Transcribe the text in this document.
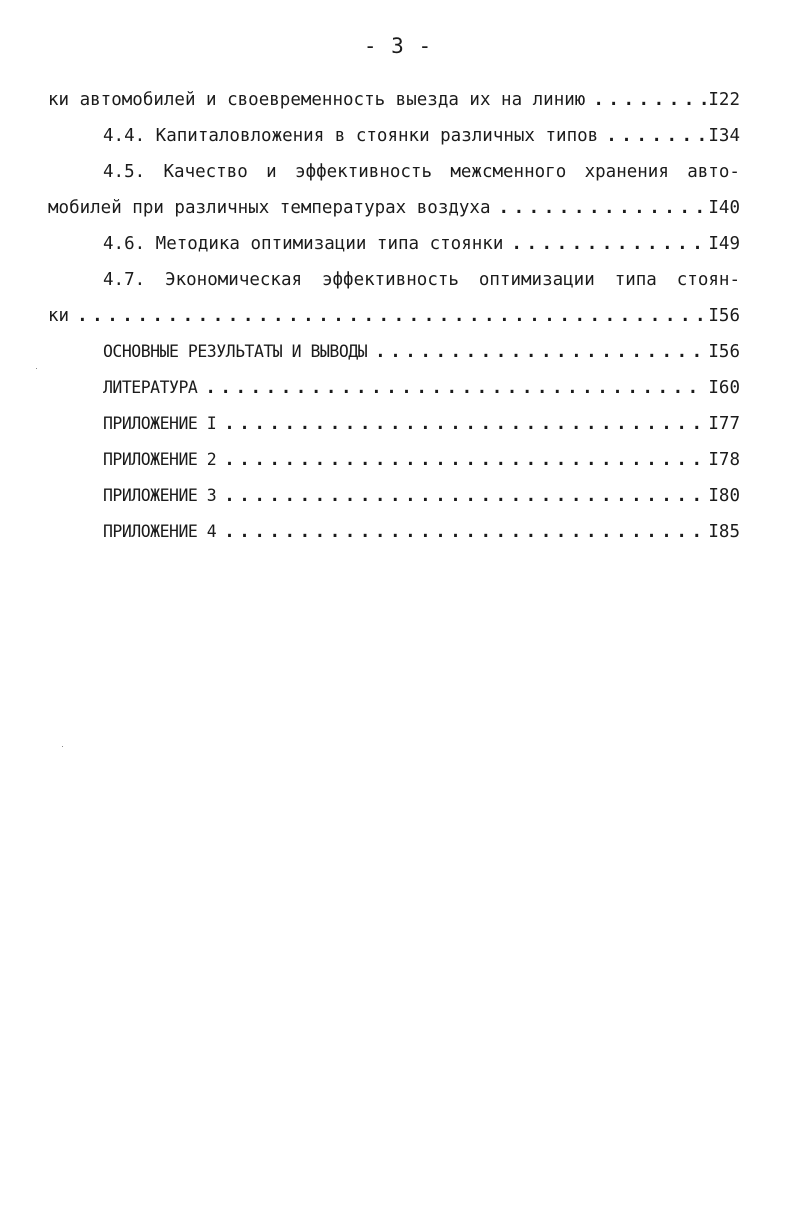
- 3 -
ки автомобилей и своевременность выезда их на линию . . .	I22
4.4. Капиталовложения в стоянки различных типов . . .	I34
4.5. Качество и эффективность межсменного хранения авто-
мобилей при различных температурах воздуха . . .	I40
4.6. Методика оптимизации типа стоянки . . .	I49
4.7. Экономическая эффективность оптимизации типа стоян-
ки . . .	I56
ОСНОВНЫЕ РЕЗУЛЬТАТЫ И ВЫВОДЫ . . .	I56
ЛИТЕРАТУРА . . .	I60
ПРИЛОЖЕНИЕ I . . .	I77
ПРИЛОЖЕНИЕ 2 . . .	I78
ПРИЛОЖЕНИЕ 3 . . .	I80
ПРИЛОЖЕНИЕ 4 . . .	I85
